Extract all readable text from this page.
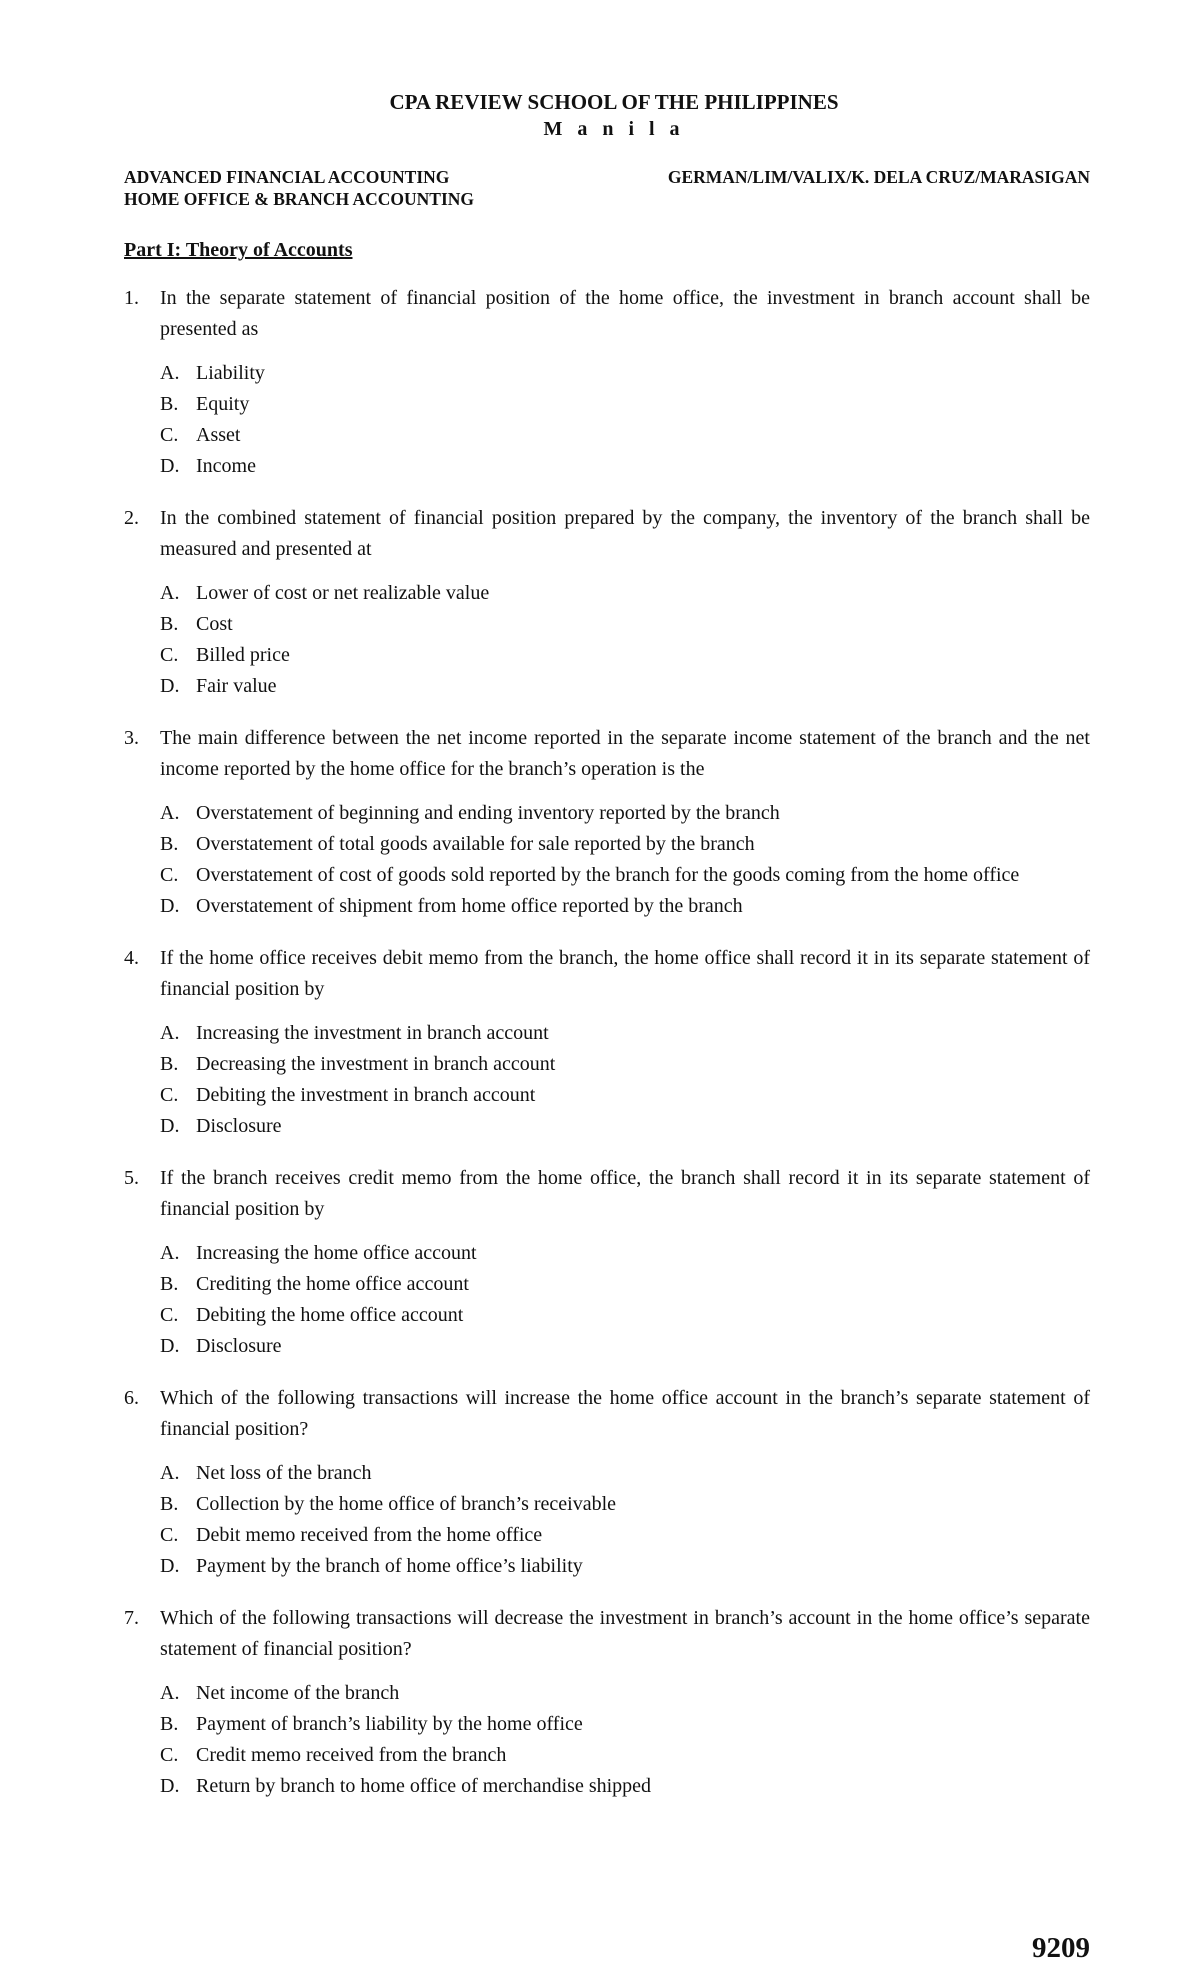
CPA REVIEW SCHOOL OF THE PHILIPPINES
M a n i l a
ADVANCED FINANCIAL ACCOUNTING
HOME OFFICE & BRANCH ACCOUNTING
GERMAN/LIM/VALIX/K. DELA CRUZ/MARASIGAN
Part I: Theory of Accounts
1.	In the separate statement of financial position of the home office, the investment in branch account shall be presented as
A. Liability
B. Equity
C. Asset
D. Income
2.	In the combined statement of financial position prepared by the company, the inventory of the branch shall be measured and presented at
A. Lower of cost or net realizable value
B. Cost
C. Billed price
D. Fair value
3.	The main difference between the net income reported in the separate income statement of the branch and the net income reported by the home office for the branch’s operation is the
A. Overstatement of beginning and ending inventory reported by the branch
B. Overstatement of total goods available for sale reported by the branch
C. Overstatement of cost of goods sold reported by the branch for the goods coming from the home office
D. Overstatement of shipment from home office reported by the branch
4.	If the home office receives debit memo from the branch, the home office shall record it in its separate statement of financial position by
A. Increasing the investment in branch account
B. Decreasing the investment in branch account
C. Debiting the investment in branch account
D. Disclosure
5.	If the branch receives credit memo from the home office, the branch shall record it in its separate statement of financial position by
A. Increasing the home office account
B. Crediting the home office account
C. Debiting the home office account
D. Disclosure
6.	Which of the following transactions will increase the home office account in the branch’s separate statement of financial position?
A. Net loss of the branch
B. Collection by the home office of branch’s receivable
C. Debit memo received from the home office
D. Payment by the branch of home office’s liability
7.	Which of the following transactions will decrease the investment in branch’s account in the home office’s separate statement of financial position?
A. Net income of the branch
B. Payment of branch’s liability by the home office
C. Credit memo received from the branch
D. Return by branch to home office of merchandise shipped
9209
